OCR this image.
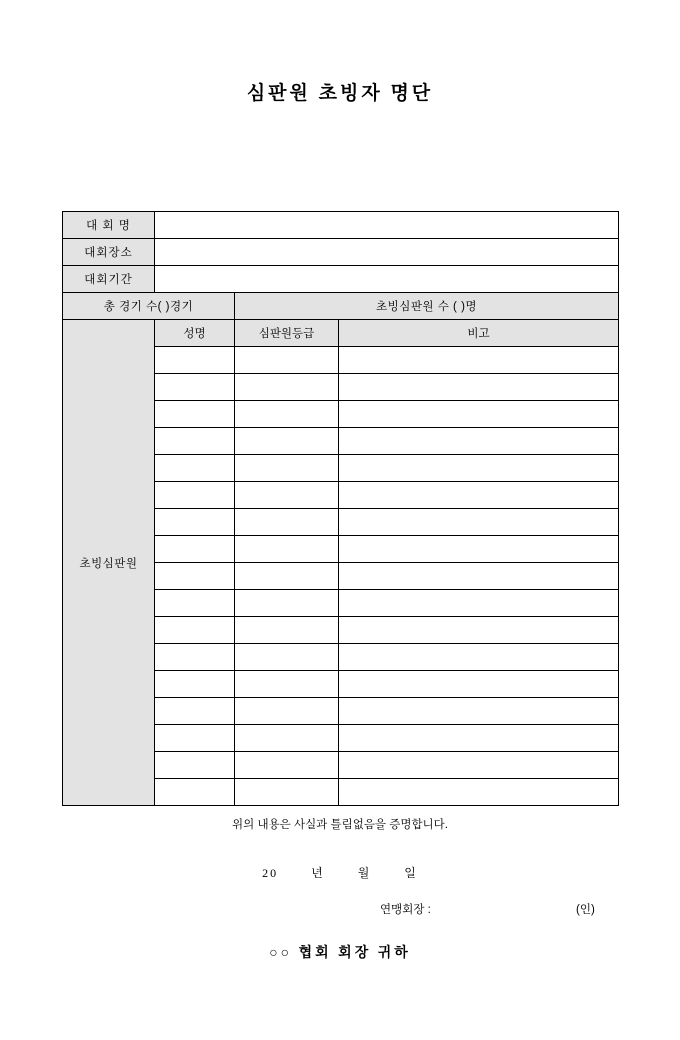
심판원 초빙자 명단
대 회 명			
대회장소			
대회기간			
총 경기 수( )경기		초빙심판원 수 ( )명	
초빙심판원	성명	심판원등급	비고

위의 내용은 사실과 틀림없음을 증명합니다.
20	년	월	일
연맹회장 :	(인)
○○ 협회 회장 귀하
